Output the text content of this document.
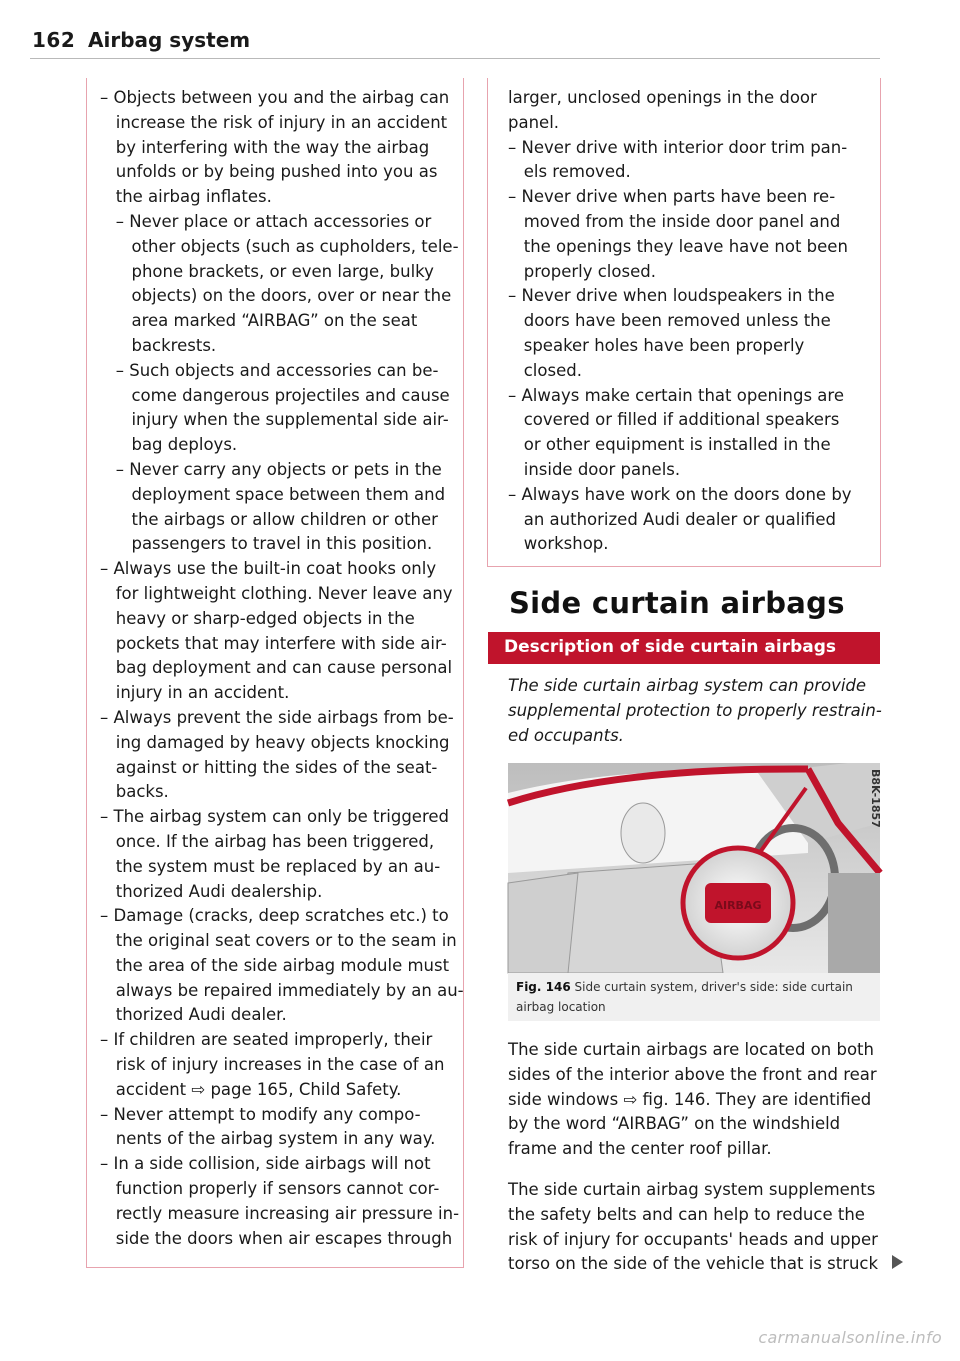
162 Airbag system
– Objects between you and the airbag can
increase the risk of injury in an accident
by interfering with the way the airbag
unfolds or by being pushed into you as
the airbag inflates.
– Never place or attach accessories or
other objects (such as cupholders, tele-
phone brackets, or even large, bulky
objects) on the doors, over or near the
area marked “AIRBAG” on the seat
backrests.
– Such objects and accessories can be-
come dangerous projectiles and cause
injury when the supplemental side air-
bag deploys.
– Never carry any objects or pets in the
deployment space between them and
the airbags or allow children or other
passengers to travel in this position.
– Always use the built-in coat hooks only
for lightweight clothing. Never leave any
heavy or sharp-edged objects in the
pockets that may interfere with side air-
bag deployment and can cause personal
injury in an accident.
– Always prevent the side airbags from be-
ing damaged by heavy objects knocking
against or hitting the sides of the seat-
backs.
– The airbag system can only be triggered
once. If the airbag has been triggered,
the system must be replaced by an au-
thorized Audi dealership.
– Damage (cracks, deep scratches etc.) to
the original seat covers or to the seam in
the area of the side airbag module must
always be repaired immediately by an au-
thorized Audi dealer.
– If children are seated improperly, their
risk of injury increases in the case of an
accident ⇨ page 165, Child Safety.
– Never attempt to modify any compo-
nents of the airbag system in any way.
– In a side collision, side airbags will not
function properly if sensors cannot cor-
rectly measure increasing air pressure in-
side the doors when air escapes through
larger, unclosed openings in the door
panel.
– Never drive with interior door trim pan-
els removed.
– Never drive when parts have been re-
moved from the inside door panel and
the openings they leave have not been
properly closed.
– Never drive when loudspeakers in the
doors have been removed unless the
speaker holes have been properly
closed.
– Always make certain that openings are
covered or filled if additional speakers
or other equipment is installed in the
inside door panels.
– Always have work on the doors done by
an authorized Audi dealer or qualified
workshop.
Side curtain airbags
Description of side curtain airbags
The side curtain airbag system can provide
supplemental protection to properly restrain-
ed occupants.
AIRBAG
B8K-1857
Fig. 146 Side curtain system, driver's side: side curtain
airbag location
The side curtain airbags are located on both
sides of the interior above the front and rear
side windows ⇨ fig. 146. They are identified
by the word “AIRBAG” on the windshield
frame and the center roof pillar.
The side curtain airbag system supplements
the safety belts and can help to reduce the
risk of injury for occupants' heads and upper
torso on the side of the vehicle that is struck
carmanualsonline.info
